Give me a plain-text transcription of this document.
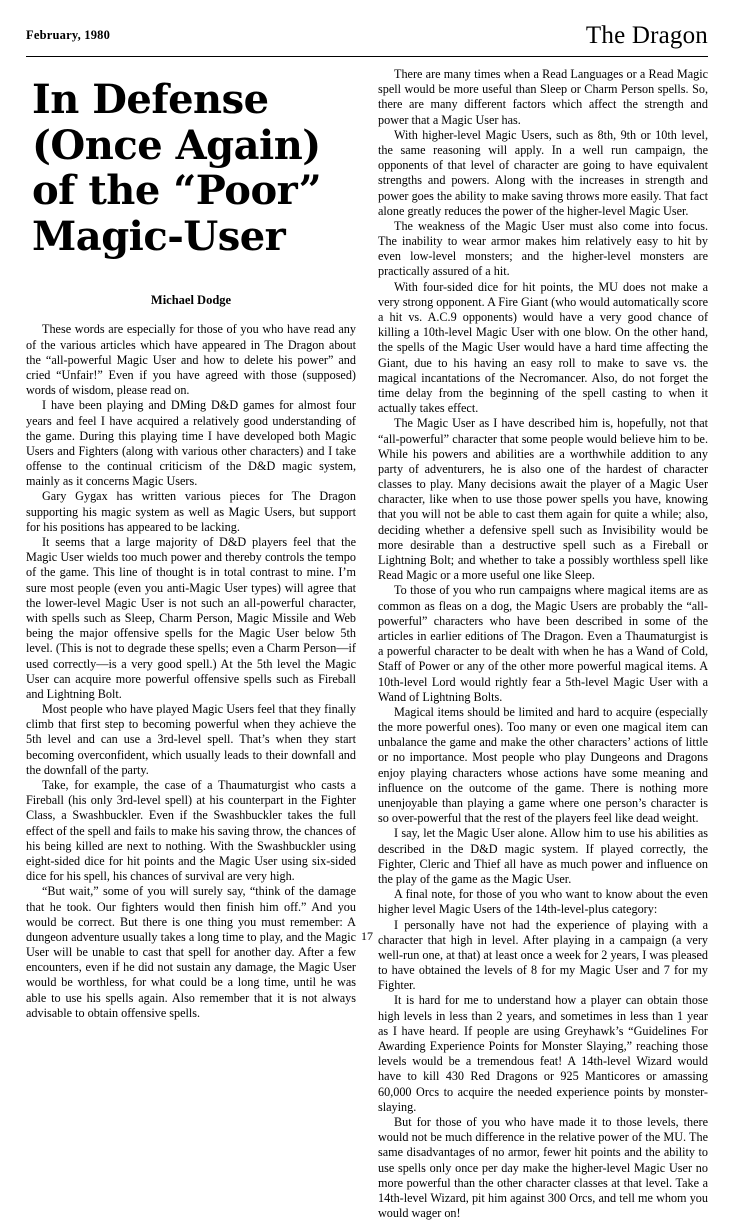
February, 1980	The Dragon
In Defense (Once Again) of the “Poor” Magic-User
Michael Dodge

These words are especially for those of you who have read any of the various articles which have appeared in The Dragon about the “all-powerful Magic User and how to delete his power” and cried “Unfair!” Even if you have agreed with those (supposed) words of wisdom, please read on.

I have been playing and DMing D&D games for almost four years and feel I have acquired a relatively good understanding of the game. During this playing time I have developed both Magic Users and Fighters (along with various other characters) and I take offense to the continual criticism of the D&D magic system, mainly as it concerns Magic Users.

Gary Gygax has written various pieces for The Dragon supporting his magic system as well as Magic Users, but support for his positions has appeared to be lacking.

It seems that a large majority of D&D players feel that the Magic User wields too much power and thereby controls the tempo of the game. This line of thought is in total contrast to mine. I’m sure most people (even you anti-Magic User types) will agree that the lower-level Magic User is not such an all-powerful character, with spells such as Sleep, Charm Person, Magic Missile and Web being the major offensive spells for the Magic User below 5th level. (This is not to degrade these spells; even a Charm Person—if used correctly—is a very good spell.) At the 5th level the Magic User can acquire more powerful offensive spells such as Fireball and Lightning Bolt.

Most people who have played Magic Users feel that they finally climb that first step to becoming powerful when they achieve the 5th level and can use a 3rd-level spell. That’s when they start becoming overconfident, which usually leads to their downfall and the downfall of the party.

Take, for example, the case of a Thaumaturgist who casts a Fireball (his only 3rd-level spell) at his counterpart in the Fighter Class, a Swashbuckler. Even if the Swashbuckler takes the full effect of the spell and fails to make his saving throw, the chances of his being killed are next to nothing. With the Swashbuckler using eight-sided dice for hit points and the Magic User using six-sided dice for his spell, his chances of survival are very high.

“But wait,” some of you will surely say, “think of the damage that he took. Our fighters would then finish him off.” And you would be correct. But there is one thing you must remember: A dungeon adventure usually takes a long time to play, and the Magic User will be unable to cast that spell for another day. After a few encounters, even if he did not sustain any damage, the Magic User would be worthless, for what could be a long time, until he was able to use his spells again. Also remember that it is not always advisable to obtain offensive spells.

There are many times when a Read Languages or a Read Magic spell would be more useful than Sleep or Charm Person spells. So, there are many different factors which affect the strength and power that a Magic User has.

With higher-level Magic Users, such as 8th, 9th or 10th level, the same reasoning will apply. In a well run campaign, the opponents of that level of character are going to have equivalent strengths and powers. Along with the increases in strength and power goes the ability to make saving throws more easily. That fact alone greatly reduces the power of the higher-level Magic User.

The weakness of the Magic User must also come into focus. The inability to wear armor makes him relatively easy to hit by even low-level monsters; and the higher-level monsters are practically assured of a hit.

With four-sided dice for hit points, the MU does not make a very strong opponent. A Fire Giant (who would automatically score a hit vs. A.C.9 opponents) would have a very good chance of killing a 10th-level Magic User with one blow. On the other hand, the spells of the Magic User would have a hard time affecting the Giant, due to his having an easy roll to make to save vs. the magical incantations of the Necromancer. Also, do not forget the time delay from the beginning of the spell casting to when it actually takes effect.

The Magic User as I have described him is, hopefully, not that “all-powerful” character that some people would believe him to be. While his powers and abilities are a worthwhile addition to any party of adventurers, he is also one of the hardest of character classes to play. Many decisions await the player of a Magic User character, like when to use those power spells you have, knowing that you will not be able to cast them again for quite a while; also, deciding whether a defensive spell such as Invisibility would be more desirable than a destructive spell such as a Fireball or Lightning Bolt; and whether to take a possibly worthless spell like Read Magic or a more useful one like Sleep.

To those of you who run campaigns where magical items are as common as fleas on a dog, the Magic Users are probably the “all-powerful” characters who have been described in some of the articles in earlier editions of The Dragon. Even a Thaumaturgist is a powerful character to be dealt with when he has a Wand of Cold, Staff of Power or any of the other more powerful magical items. A 10th-level Lord would rightly fear a 5th-level Magic User with a Wand of Lightning Bolts.

Magical items should be limited and hard to acquire (especially the more powerful ones). Too many or even one magical item can unbalance the game and make the other characters’ actions of little or no importance. Most people who play Dungeons and Dragons enjoy playing characters whose actions have some meaning and influence on the outcome of the game. There is nothing more unenjoyable than playing a game where one person’s character is so over-powerful that the rest of the players feel like dead weight.

I say, let the Magic User alone. Allow him to use his abilities as described in the D&D magic system. If played correctly, the Fighter, Cleric and Thief all have as much power and influence on the play of the game as the Magic User.

A final note, for those of you who want to know about the even higher level Magic Users of the 14th-level-plus category:

I personally have not had the experience of playing with a character that high in level. After playing in a campaign (a very well-run one, at that) at least once a week for 2 years, I was pleased to have obtained the levels of 8 for my Magic User and 7 for my Fighter.

It is hard for me to understand how a player can obtain those high levels in less than 2 years, and sometimes in less than 1 year as I have heard. If people are using Greyhawk’s “Guidelines For Awarding Experience Points for Monster Slaying,” reaching those levels would be a tremendous feat! A 14th-level Wizard would have to kill 430 Red Dragons or 925 Manticores or amassing 60,000 Orcs to acquire the needed experience points by monster-slaying.

But for those of you who have made it to those levels, there would not be much difference in the relative power of the MU. The same disadvantages of no armor, fewer hit points and the ability to use spells only once per day make the higher-level Magic User no more powerful than the other character classes at that level. Take a 14th-level Wizard, pit him against 300 Orcs, and tell me whom you would wager on!

17
